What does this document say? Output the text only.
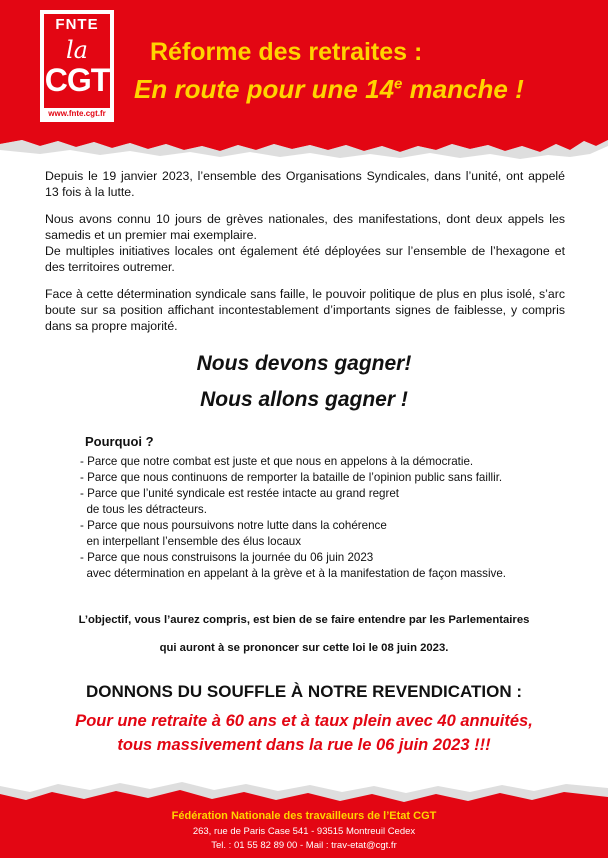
FNTE
la
CGT
www.fnte.cgt.fr
Réforme des retraites :
En route pour une 14e manche !

Depuis le 19 janvier 2023, l’ensemble des Organisations Syndicales, dans l’unité, ont appelé 13 fois à la lutte.

Nous avons connu 10 jours de grèves nationales, des manifestations, dont deux appels les samedis et un premier mai exemplaire.

De multiples initiatives locales ont également été déployées sur l’ensemble de l’hexagone et des territoires outremer.

Face à cette détermination syndicale sans faille, le pouvoir politique de plus en plus isolé, s’arc boute sur sa position affichant incontestablement d’importants signes de faiblesse, y compris dans sa propre majorité.

Nous devons gagner!
Nous allons gagner !
Pourquoi ?
- Parce que notre combat est juste et que nous en appelons à la démocratie.
- Parce que nous continuons de remporter la bataille de l’opinion public sans faillir.
- Parce que l’unité syndicale est restée intacte au grand regret
de tous les détracteurs.
- Parce que nous poursuivons notre lutte dans la cohérence
en interpellant l’ensemble des élus locaux
- Parce que nous construisons la journée du 06 juin 2023
avec détermination en appelant à la grève et à la manifestation de façon massive.
L’objectif, vous l’aurez compris, est bien de se faire entendre par les Parlementaires
qui auront à se prononcer sur cette loi le 08 juin 2023.
DONNONS DU SOUFFLE À NOTRE REVENDICATION :
Pour une retraite à 60 ans et à taux plein avec 40 annuités,
tous massivement dans la rue le 06 juin 2023 !!!
Fédération Nationale des travailleurs de l’Etat CGT
263, rue de Paris Case 541 - 93515 Montreuil Cedex
Tel. : 01 55 82 89 00 - Mail : trav-etat@cgt.fr
